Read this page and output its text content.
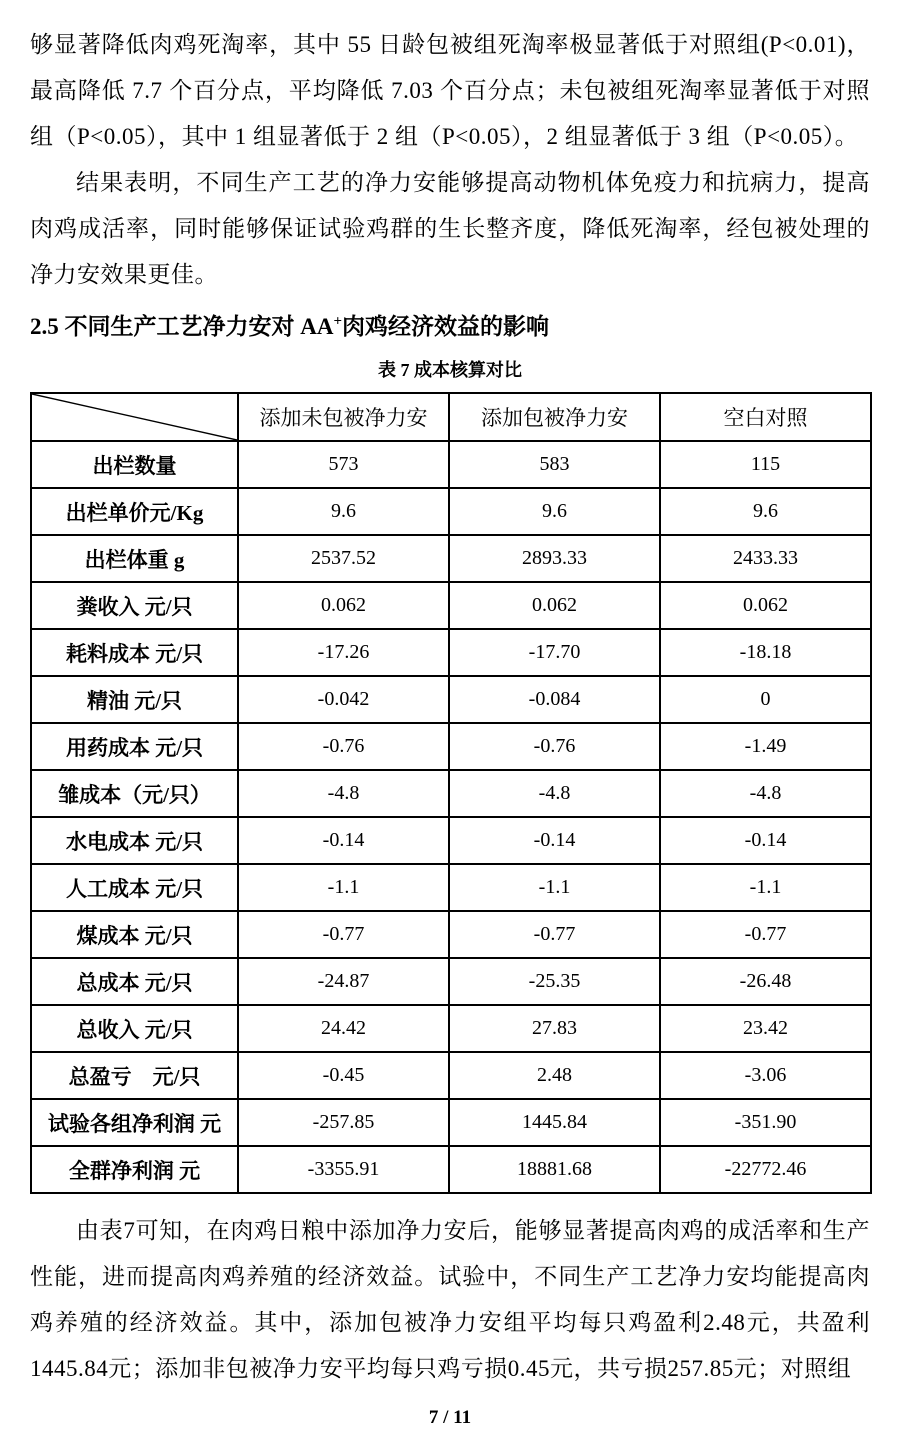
够显著降低肉鸡死淘率，其中 55 日龄包被组死淘率极显著低于对照组(P<0.01)，最高降低 7.7 个百分点，平均降低 7.03 个百分点；未包被组死淘率显著低于对照组（P<0.05），其中 1 组显著低于 2 组（P<0.05），2 组显著低于 3 组（P<0.05）。

结果表明，不同生产工艺的净力安能够提高动物机体免疫力和抗病力，提高肉鸡成活率，同时能够保证试验鸡群的生长整齐度，降低死淘率，经包被处理的净力安效果更佳。

2.5 不同生产工艺净力安对 AA+肉鸡经济效益的影响
表 7 成本核算对比
	添加未包被净力安	添加包被净力安	空白对照
出栏数量	573	583	115
出栏单价元/Kg	9.6	9.6	9.6
出栏体重 g	2537.52	2893.33	2433.33
粪收入 元/只	0.062	0.062	0.062
耗料成本 元/只	-17.26	-17.70	-18.18
精油 元/只	-0.042	-0.084	0
用药成本 元/只	-0.76	-0.76	-1.49
雏成本（元/只）	-4.8	-4.8	-4.8
水电成本 元/只	-0.14	-0.14	-0.14
人工成本 元/只	-1.1	-1.1	-1.1
煤成本 元/只	-0.77	-0.77	-0.77
总成本 元/只	-24.87	-25.35	-26.48
总收入 元/只	24.42	27.83	23.42
总盈亏　元/只	-0.45	2.48	-3.06
试验各组净利润 元	-257.85	1445.84	-351.90
全群净利润 元	-3355.91	18881.68	-22772.46

由表7可知，在肉鸡日粮中添加净力安后，能够显著提高肉鸡的成活率和生产性能，进而提高肉鸡养殖的经济效益。试验中，不同生产工艺净力安均能提高肉鸡养殖的经济效益。其中，添加包被净力安组平均每只鸡盈利2.48元，共盈利1445.84元；添加非包被净力安平均每只鸡亏损0.45元，共亏损257.85元；对照组

7 / 11
